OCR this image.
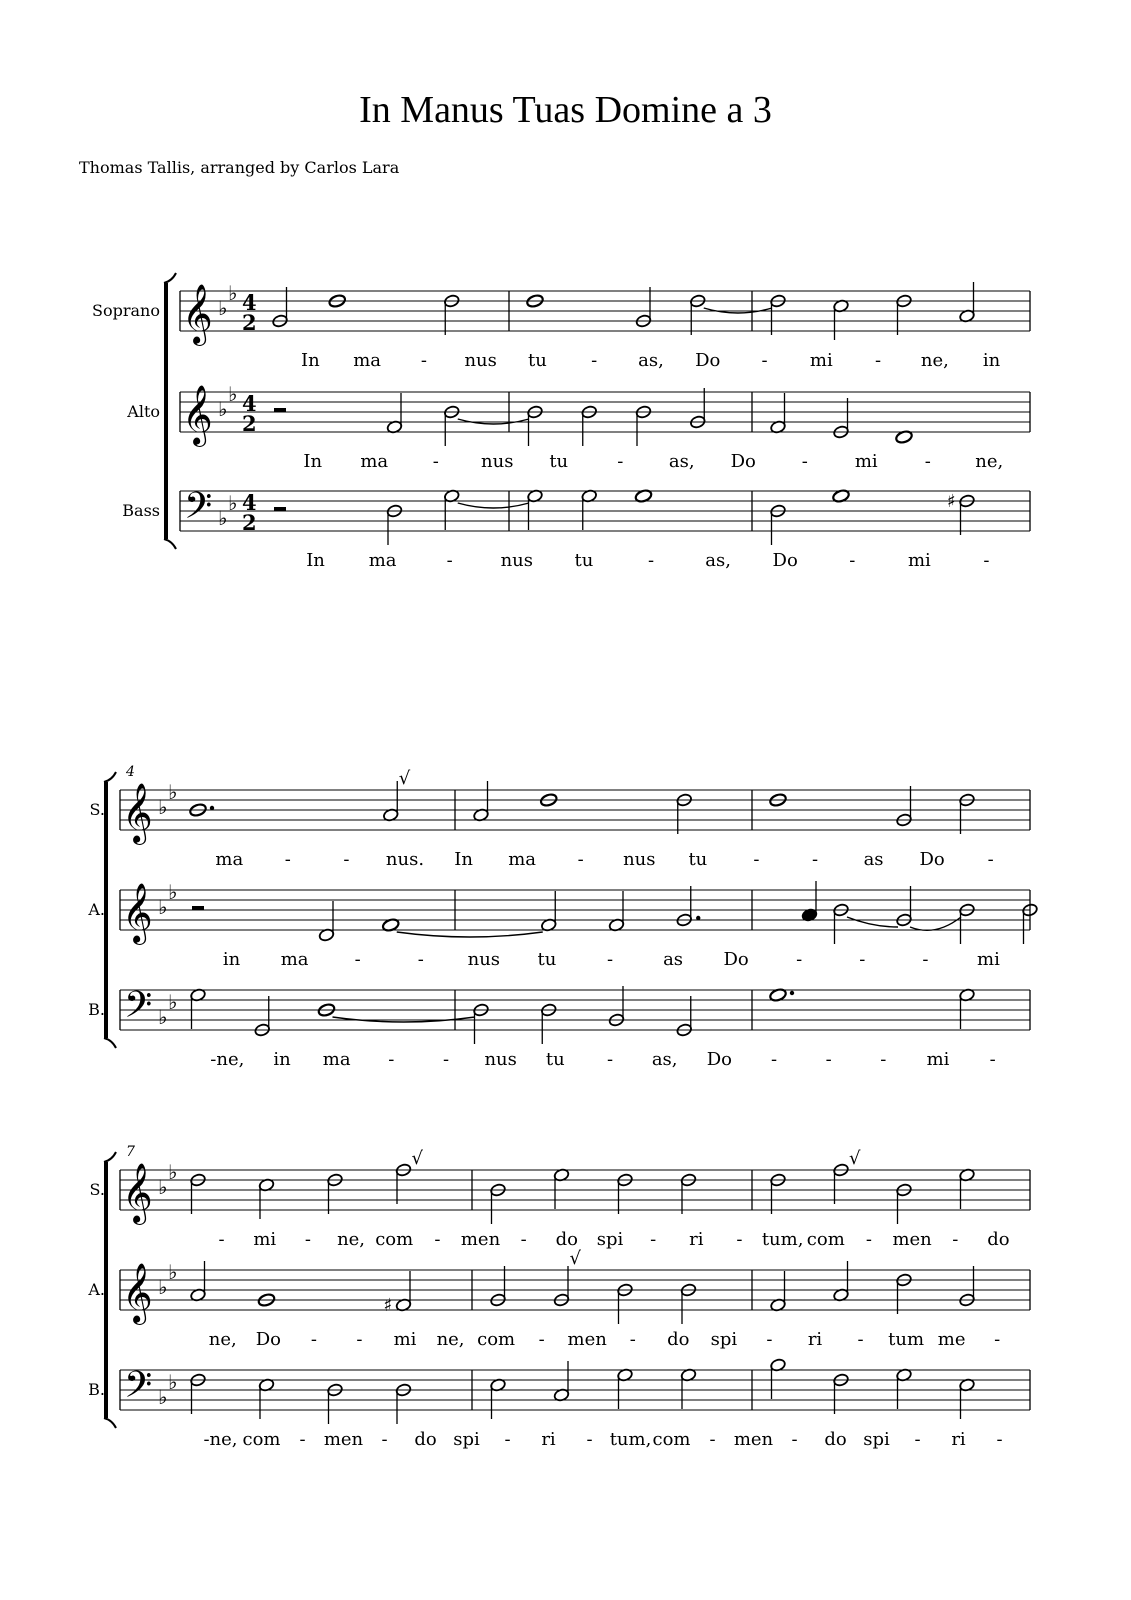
In Manus Tuas Domine a 3
Thomas Tallis, arranged by Carlos Lara
Soprano 𝄞 ♭
♭ 4
2
In ma - nus tu - as, Do - mi - ne, in
Alto 𝄞 ♭
♭ 4
2
In ma - nus tu	-	as, Do	-	mi	- ne,
Bass 𝄢 ♭
♭ 4
2
♯
In ma	-	nus tu	-	as, Do	-	mi	-
4
S. 𝄞 ♭
♭
√
ma -	- nus. In ma - nus tu	-	-	as Do -
A. 𝄞 ♭
♭
in ma	-	- nus tu	-	as Do	-	-	-	mi
B. 𝄢 ♭
♭
-ne, in ma -	- nus tu - as, Do -	-	- mi -
7
S. 𝄞 ♭
♭
√	√
- mi - ne, com - men - do spi - ri - tum, com - men - do
A. 𝄞 ♭
♭
♯
√
ne, Do - - mi ne, com - men - do spi - ri - tum me -
B. 𝄢 ♭
♭
-ne, com - men - do spi - ri - tum, com - men - do spi - ri -
